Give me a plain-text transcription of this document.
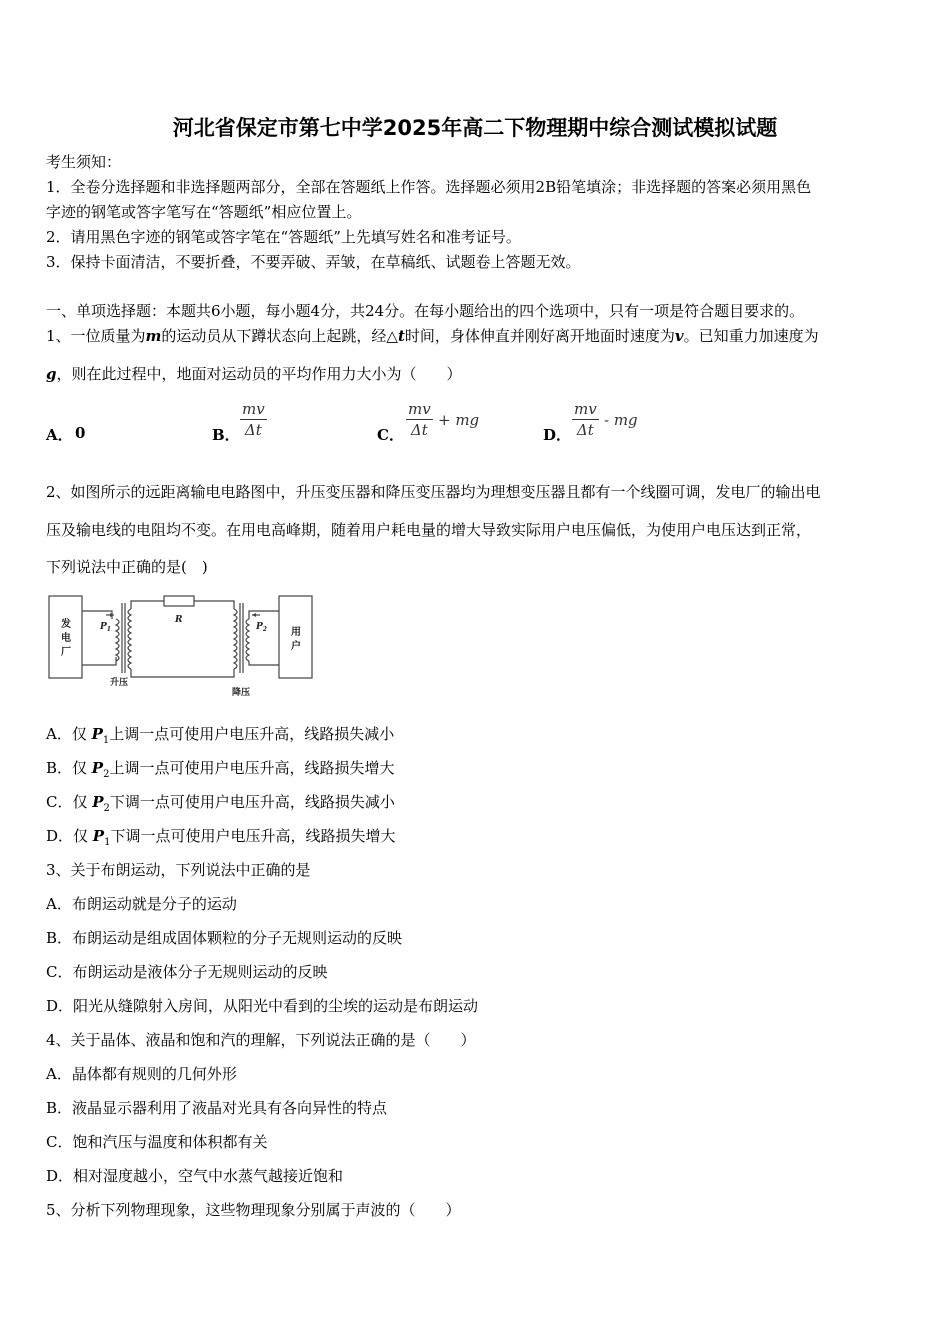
河北省保定市第七中学2025年高二下物理期中综合测试模拟试题
考生须知：
1．全卷分选择题和非选择题两部分，全部在答题纸上作答。选择题必须用2B铅笔填涂；非选择题的答案必须用黑色
字迹的钢笔或答字笔写在“答题纸”相应位置上。
2．请用黑色字迹的钢笔或答字笔在“答题纸”上先填写姓名和准考证号。
3．保持卡面清洁，不要折叠，不要弄破、弄皱，在草稿纸、试题卷上答题无效。
一、单项选择题：本题共6小题，每小题4分，共24分。在每小题给出的四个选项中，只有一项是符合题目要求的。
1、一位质量为m的运动员从下蹲状态向上起跳，经△t时间，身体伸直并刚好离开地面时速度为v。已知重力加速度为
g，则在此过程中，地面对运动员的平均作用力大小为（　　）
A． 0	B．
mv
Δt	C．
mv
Δt
+ mg
D．
mv
Δt
- mg
2、如图所示的远距离输电电路图中，升压变压器和降压变压器均为理想变压器且都有一个线圈可调，发电厂的输出电
压及输电线的电阻均不变。在用电高峰期，随着用户耗电量的增大导致实际用户电压偏低，为使用户电压达到正常，
下列说法中正确的是(　)
发
电
厂
用
户
升压
降压
$P_1$	$P_2$
R
A．仅 $P_1$上调一点可使用户电压升高，线路损失减小
B．仅 $P_2$上调一点可使用户电压升高，线路损失增大
C．仅 $P_2$下调一点可使用户电压升高，线路损失减小
D．仅 $P_1$下调一点可使用户电压升高，线路损失增大
3、关于布朗运动，下列说法中正确的是
A．布朗运动就是分子的运动
B．布朗运动是组成固体颗粒的分子无规则运动的反映
C．布朗运动是液体分子无规则运动的反映
D．阳光从缝隙射入房间，从阳光中看到的尘埃的运动是布朗运动
4、关于晶体、液晶和饱和汽的理解，下列说法正确的是（　　）
A．晶体都有规则的几何外形
B．液晶显示器利用了液晶对光具有各向异性的特点
C．饱和汽压与温度和体积都有关
D．相对湿度越小，空气中水蒸气越接近饱和
5、分析下列物理现象，这些物理现象分别属于声波的（　　）
